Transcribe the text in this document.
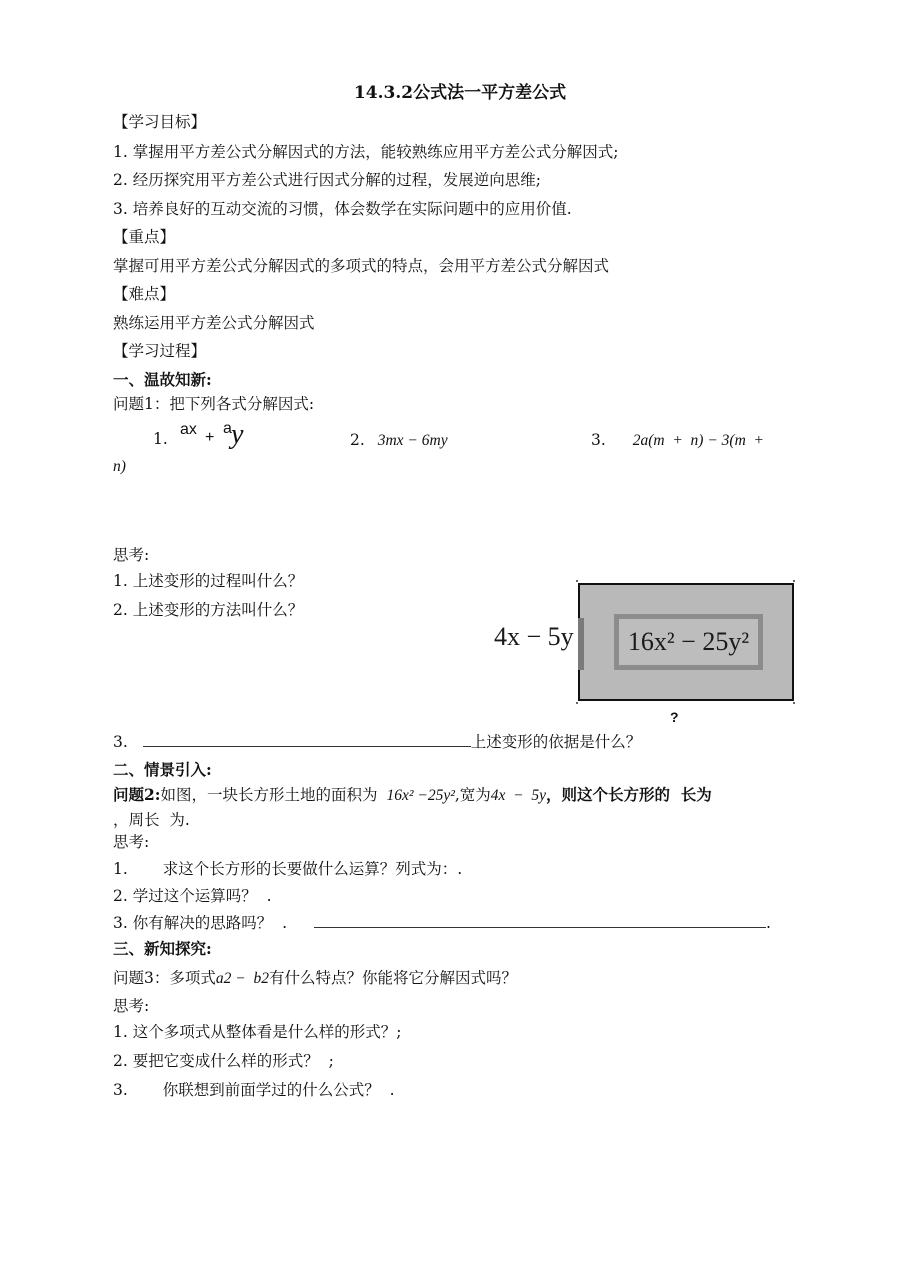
14.3.2公式法一平方差公式
【学习目标】
1. 掌握用平方差公式分解因式的方法，能较熟练应用平方差公式分解因式;
2. 经历探究用平方差公式进行因式分解的过程，发展逆向思维;
3. 培养良好的互动交流的习惯，体会数学在实际问题中的应用价值.
【重点】
掌握可用平方差公式分解因式的多项式的特点，会用平方差公式分解因式
【难点】
熟练运用平方差公式分解因式
【学习过程】
一、温故知新:
问题1：把下列各式分解因式:
1.
ax +
a y	2. 3mx − 6my	3. 2a(m  +  n) − 3(m  +
n)
思考:
1. 上述变形的过程叫什么？
2. 上述变形的方法叫什么？
16x² − 25y²
4x − 5y
?
3.	上述变形的依据是什么？
二、情景引入:
问题2:如图，一块长方形土地的面积为 16x² −25y²,宽为4x  −  5y，则这个长方形的  长为
，周长  为.
思考:
1. 求这个长方形的长要做什么运算？列式为：.
2. 学过这个运算吗？  .
3. 你有解决的思路吗？  .	.
三、新知探究:
问题3：多项式a2 −  b2有什么特点？你能将它分解因式吗？
思考:
1. 这个多项式从整体看是什么样的形式？;
2. 要把它变成什么样的形式？  ;
3. 你联想到前面学过的什么公式？  .
